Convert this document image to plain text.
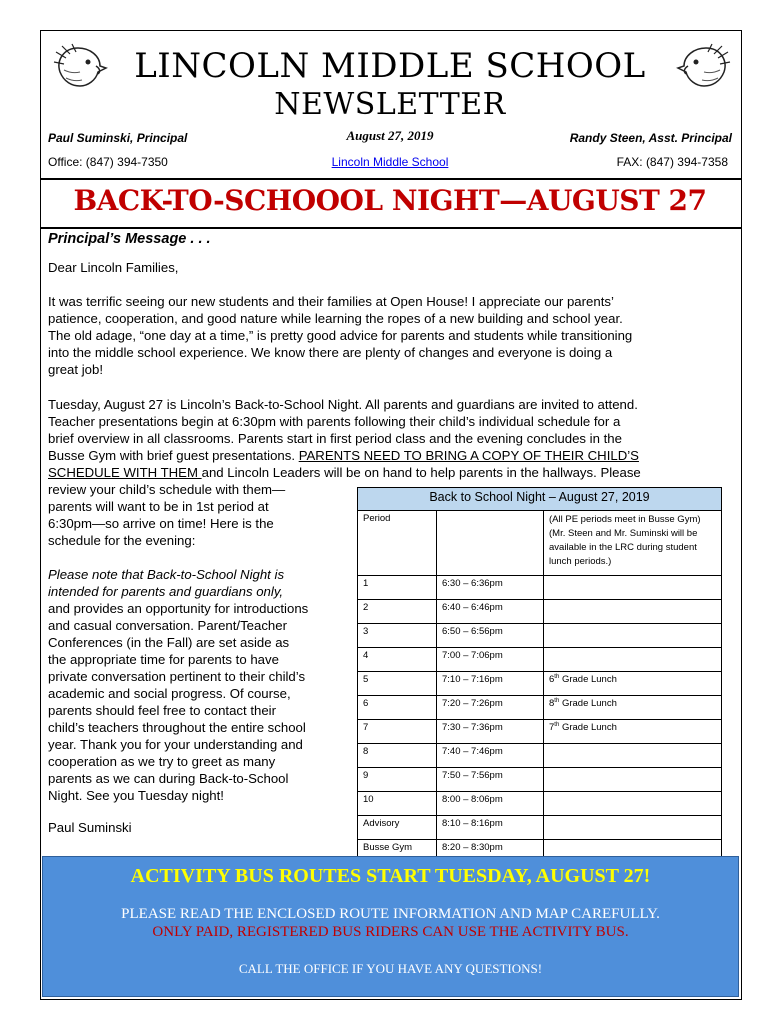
LINCOLN MIDDLE SCHOOL
NEWSLETTER
Paul Suminski, Principal	August 27, 2019	Randy Steen, Asst. Principal
Office: (847) 394-7350	Lincoln Middle School	FAX: (847) 394-7358
BACK-TO-SCHOOOL NIGHT—AUGUST 27
Principal’s Message . . .
Dear Lincoln Families,
It was terrific seeing our new students and their families at Open House! I appreciate our parents’
patience, cooperation, and good nature while learning the ropes of a new building and school year.
The old adage, “one day at a time,” is pretty good advice for parents and students while transitioning
into the middle school experience. We know there are plenty of changes and everyone is doing a
great job!
Tuesday, August 27 is Lincoln’s Back-to-School Night. All parents and guardians are invited to attend.
Teacher presentations begin at 6:30pm with parents following their child’s individual schedule for a
brief overview in all classrooms. Parents start in first period class and the evening concludes in the
Busse Gym with brief guest presentations. PARENTS NEED TO BRING A COPY OF THEIR CHILD’S
SCHEDULE WITH THEM and Lincoln Leaders will be on hand to help parents in the hallways. Please
review your child’s schedule with them—
parents will want to be in 1st period at
6:30pm—so arrive on time! Here is the
schedule for the evening:
Please note that Back-to-School Night is
intended for parents and guardians only,
and provides an opportunity for introductions
and casual conversation. Parent/Teacher
Conferences (in the Fall) are set aside as
the appropriate time for parents to have
private conversation pertinent to their child’s
academic and social progress. Of course,
parents should feel free to contact their
child’s teachers throughout the entire school
year. Thank you for your understanding and
cooperation as we try to greet as many
parents as we can during Back-to-School
Night. See you Tuesday night!
Paul Suminski
Back to School Night – August 27, 2019		
Period		(All PE periods meet in Busse Gym) (Mr. Steen and Mr. Suminski will be available in the LRC during student lunch periods.)
1	6:30 – 6:36pm	
2	6:40 – 6:46pm	
3	6:50 – 6:56pm	
4	7:00 – 7:06pm	
5	7:10 – 7:16pm	6th Grade Lunch
6	7:20 – 7:26pm	8th Grade Lunch
7	7:30 – 7:36pm	7th Grade Lunch
8	7:40 – 7:46pm	
9	7:50 – 7:56pm	
10	8:00 – 8:06pm	
Advisory	8:10 – 8:16pm	
Busse Gym	8:20 – 8:30pm	
ACTIVITY BUS ROUTES START TUESDAY, AUGUST 27!
PLEASE READ THE ENCLOSED ROUTE INFORMATION AND MAP CAREFULLY.
ONLY PAID, REGISTERED BUS RIDERS CAN USE THE ACTIVITY BUS.
CALL THE OFFICE IF YOU HAVE ANY QUESTIONS!
